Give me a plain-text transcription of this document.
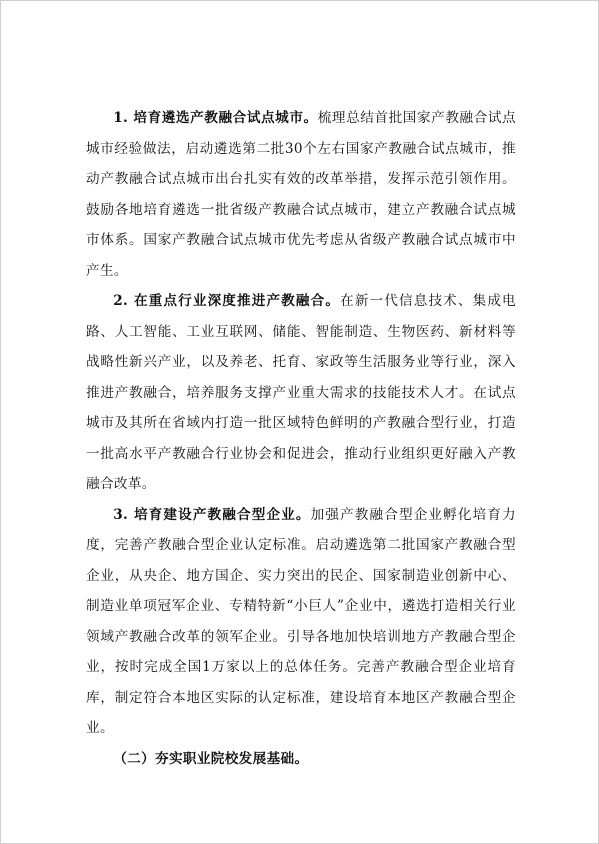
1. 培育遴选产教融合试点城市。梳理总结首批国家产教融合试点城市经验做法，启动遴选第二批30个左右国家产教融合试点城市，推动产教融合试点城市出台扎实有效的改革举措，发挥示范引领作用。鼓励各地培育遴选一批省级产教融合试点城市，建立产教融合试点城市体系。国家产教融合试点城市优先考虑从省级产教融合试点城市中产生。

2. 在重点行业深度推进产教融合。在新一代信息技术、集成电路、人工智能、工业互联网、储能、智能制造、生物医药、新材料等战略性新兴产业，以及养老、托育、家政等生活服务业等行业，深入推进产教融合，培养服务支撑产业重大需求的技能技术人才。在试点城市及其所在省域内打造一批区域特色鲜明的产教融合型行业，打造一批高水平产教融合行业协会和促进会，推动行业组织更好融入产教融合改革。

3. 培育建设产教融合型企业。加强产教融合型企业孵化培育力度，完善产教融合型企业认定标准。启动遴选第二批国家产教融合型企业，从央企、地方国企、实力突出的民企、国家制造业创新中心、制造业单项冠军企业、专精特新“小巨人”企业中，遴选打造相关行业领域产教融合改革的领军企业。引导各地加快培训地方产教融合型企业，按时完成全国1万家以上的总体任务。完善产教融合型企业培育库，制定符合本地区实际的认定标准，建设培育本地区产教融合型企业。

（二）夯实职业院校发展基础。
